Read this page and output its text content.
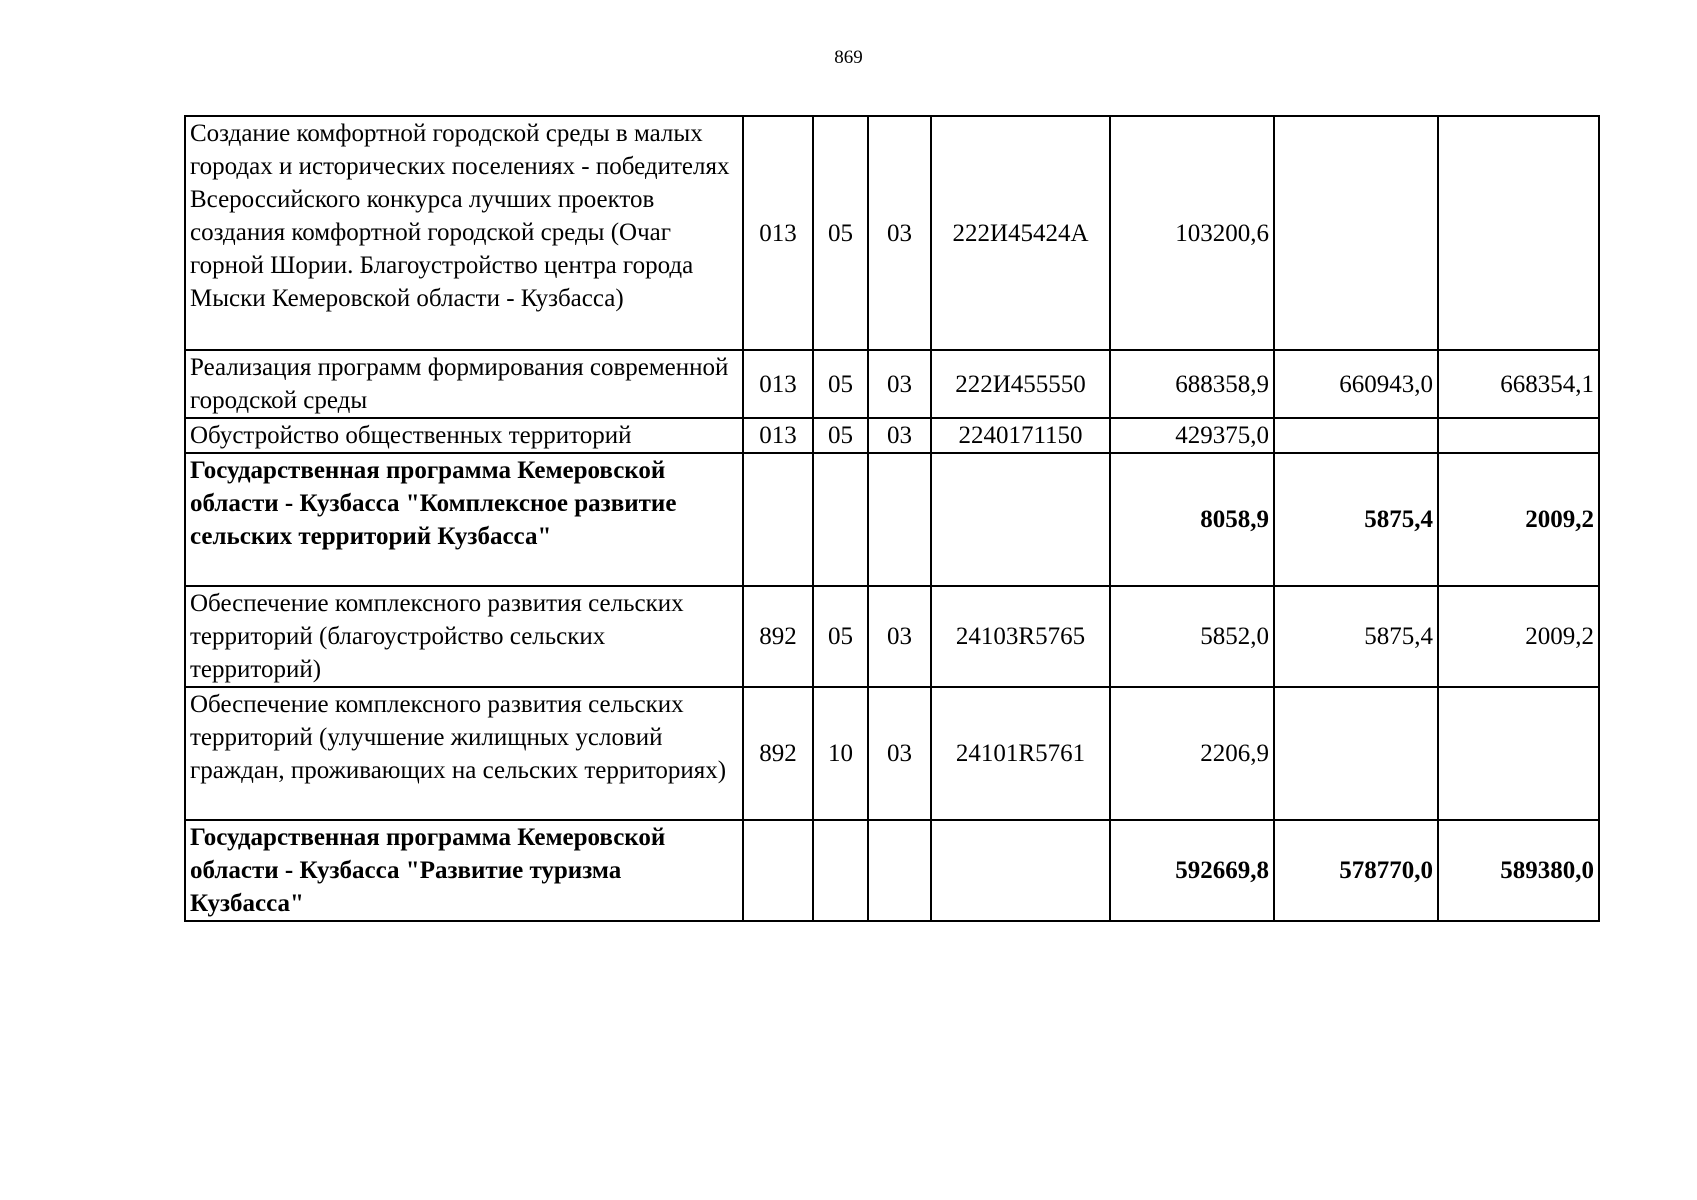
869
Создание комфортной городской среды в малых городах и исторических поселениях - победителях Всероссийского конкурса лучших проектов создания комфортной городской среды (Очаг горной Шории. Благоустройство центра города Мыски Кемеровской области - Кузбасса)	013	05	03	222И45424А	103200,6		
Реализация программ формирования современной городской среды	013	05	03	222И455550	688358,9	660943,0	668354,1
Обустройство общественных территорий	013	05	03	2240171150	429375,0		
Государственная программа Кемеровской области - Кузбасса "Комплексное развитие сельских территорий Кузбасса"					8058,9	5875,4	2009,2
Обеспечение комплексного развития сельских территорий (благоустройство сельских территорий)	892	05	03	24103R5765	5852,0	5875,4	2009,2
Обеспечение комплексного развития сельских территорий (улучшение жилищных условий граждан, проживающих на сельских территориях)	892	10	03	24101R5761	2206,9		
Государственная программа Кемеровской области - Кузбасса "Развитие туризма Кузбасса"					592669,8	578770,0	589380,0
